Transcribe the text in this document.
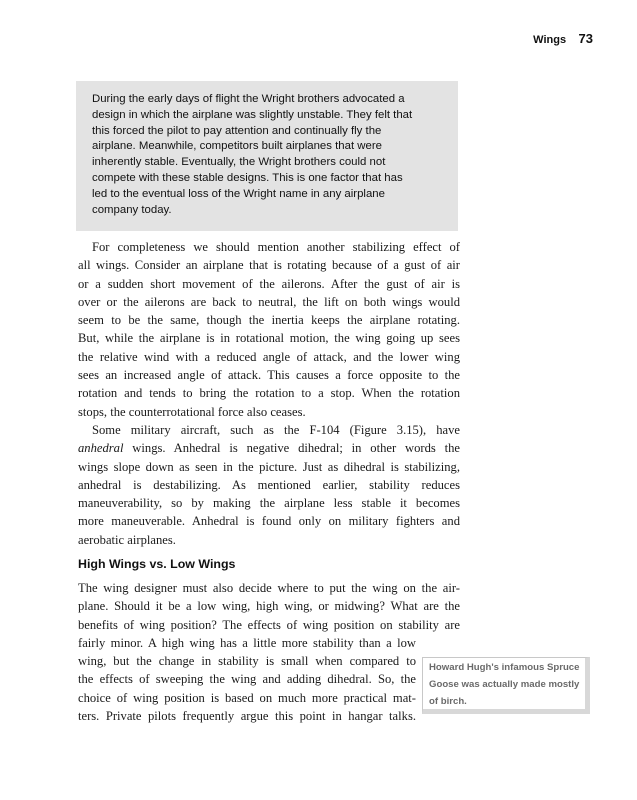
Wings 73
During the early days of flight the Wright brothers advocated a
design in which the airplane was slightly unstable. They felt that
this forced the pilot to pay attention and continually fly the
airplane. Meanwhile, competitors built airplanes that were
inherently stable. Eventually, the Wright brothers could not
compete with these stable designs. This is one factor that has
led to the eventual loss of the Wright name in any airplane
company today.
For completeness we should mention another stabilizing effect of
all wings. Consider an airplane that is rotating because of a gust of air
or a sudden short movement of the ailerons. After the gust of air is
over or the ailerons are back to neutral, the lift on both wings would
seem to be the same, though the inertia keeps the airplane rotating.
But, while the airplane is in rotational motion, the wing going up sees
the relative wind with a reduced angle of attack, and the lower wing
sees an increased angle of attack. This causes a force opposite to the
rotation and tends to bring the rotation to a stop. When the rotation
stops, the counterrotational force also ceases.
Some military aircraft, such as the F-104 (Figure 3.15), have
anhedral wings. Anhedral is negative dihedral; in other words the
wings slope down as seen in the picture. Just as dihedral is stabilizing,
anhedral is destabilizing. As mentioned earlier, stability reduces
maneuverability, so by making the airplane less stable it becomes
more maneuverable. Anhedral is found only on military fighters and
aerobatic airplanes.
High Wings vs. Low Wings
The wing designer must also decide where to put the wing on the air-
plane. Should it be a low wing, high wing, or midwing? What are the
benefits of wing position? The effects of wing position on stability are
fairly minor. A high wing has a little more stability than a low
wing, but the change in stability is small when compared to
the effects of sweeping the wing and adding dihedral. So, the
choice of wing position is based on much more practical mat-
ters. Private pilots frequently argue this point in hangar talks.
Howard Hugh's infamous Spruce
Goose was actually made mostly
of birch.
